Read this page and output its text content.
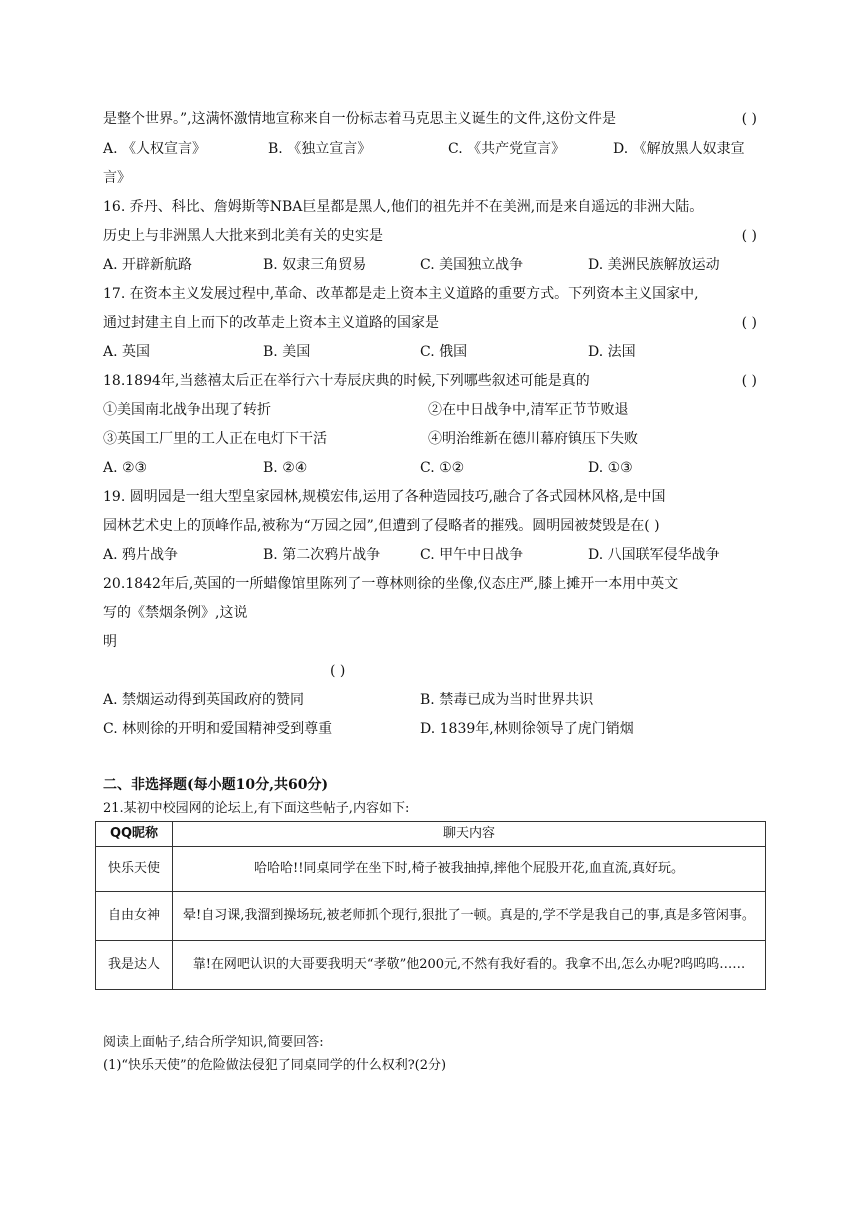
是整个世界。”,这满怀激情地宣称来自一份标志着马克思主义诞生的文件,这份文件是	( )
A. 《人权宣言》	B. 《独立宣言》	C. 《共产党宣言》	D. 《解放黑人奴隶宣
言》
16. 乔丹、科比、詹姆斯等NBA巨星都是黑人,他们的祖先并不在美洲,而是来自遥远的非洲大陆。
历史上与非洲黑人大批来到北美有关的史实是	( )
A. 开辟新航路	B. 奴隶三角贸易	C. 美国独立战争	D. 美洲民族解放运动
17. 在资本主义发展过程中,革命、改革都是走上资本主义道路的重要方式。下列资本主义国家中,
通过封建主自上而下的改革走上资本主义道路的国家是	( )
A. 英国	B. 美国	C. 俄国	D. 法国
18.1894年,当慈禧太后正在举行六十寿辰庆典的时候,下列哪些叙述可能是真的	( )
①美国南北战争出现了转折	②在中日战争中,清军正节节败退
③英国工厂里的工人正在电灯下干活	④明治维新在德川幕府镇压下失败
A. ②③	B. ②④	C. ①②	D. ①③
19. 圆明园是一组大型皇家园林,规模宏伟,运用了各种造园技巧,融合了各式园林风格,是中国
园林艺术史上的顶峰作品,被称为“万园之园”,但遭到了侵略者的摧残。圆明园被焚毁是在( )
A. 鸦片战争	B. 第二次鸦片战争	C. 甲午中日战争	D. 八国联军侵华战争
20.1842年后,英国的一所蜡像馆里陈列了一尊林则徐的坐像,仪态庄严,膝上摊开一本用中英文
写的《禁烟条例》,这说
明
( )
A. 禁烟运动得到英国政府的赞同	B. 禁毒已成为当时世界共识
C. 林则徐的开明和爱国精神受到尊重	D. 1839年,林则徐领导了虎门销烟
二、非选择题(每小题10分,共60分)
21.某初中校园网的论坛上,有下面这些帖子,内容如下:
QQ昵称	聊天内容
快乐天使	哈哈哈!!同桌同学在坐下时,椅子被我抽掉,摔他个屁股开花,血直流,真好玩。
自由女神	晕!自习课,我溜到操场玩,被老师抓个现行,狠批了一顿。真是的,学不学是我自己的事,真是多管闲事。
我是达人	靠!在网吧认识的大哥要我明天“孝敬”他200元,不然有我好看的。我拿不出,怎么办呢?呜呜呜……
阅读上面帖子,结合所学知识,简要回答:
(1)“快乐天使”的危险做法侵犯了同桌同学的什么权利?(2分)
